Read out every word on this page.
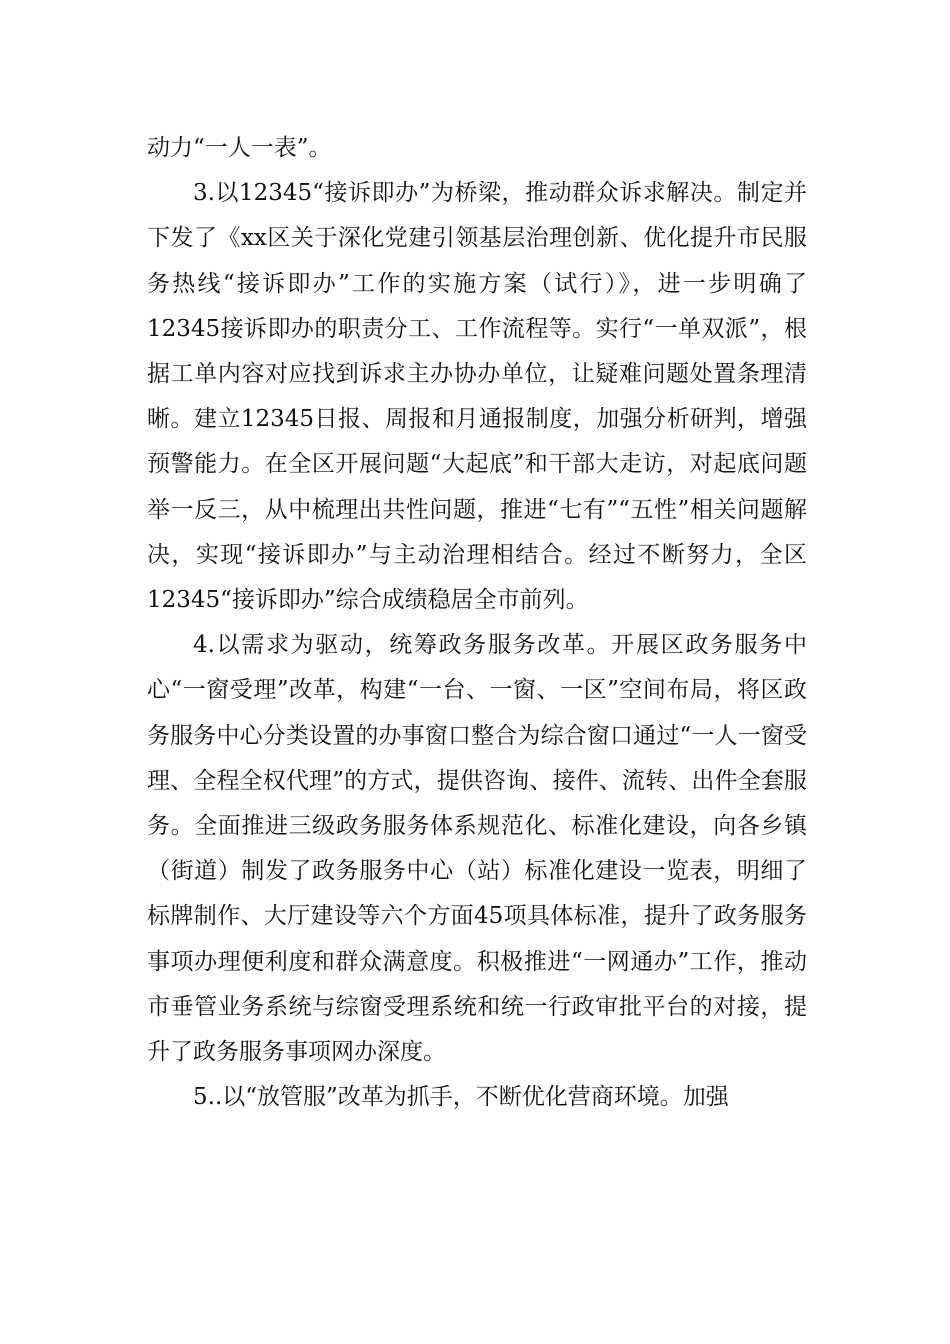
动力“一人一表”。

3.以12345“接诉即办”为桥梁，推动群众诉求解决。制定并下发了《xx区关于深化党建引领基层治理创新、优化提升市民服务热线“接诉即办”工作的实施方案（试行）》，进一步明确了12345接诉即办的职责分工、工作流程等。实行“一单双派”，根据工单内容对应找到诉求主办协办单位，让疑难问题处置条理清晰。建立12345日报、周报和月通报制度，加强分析研判，增强预警能力。在全区开展问题“大起底”和干部大走访，对起底问题举一反三，从中梳理出共性问题，推进“七有”“五性”相关问题解决，实现“接诉即办”与主动治理相结合。经过不断努力，全区12345“接诉即办”综合成绩稳居全市前列。

4.以需求为驱动，统筹政务服务改革。开展区政务服务中心“一窗受理”改革，构建“一台、一窗、一区”空间布局，将区政务服务中心分类设置的办事窗口整合为综合窗口通过“一人一窗受理、全程全权代理”的方式，提供咨询、接件、流转、出件全套服务。全面推进三级政务服务体系规范化、标准化建设，向各乡镇（街道）制发了政务服务中心（站）标准化建设一览表，明细了标牌制作、大厅建设等六个方面45项具体标准，提升了政务服务事项办理便利度和群众满意度。积极推进“一网通办”工作，推动市垂管业务系统与综窗受理系统和统一行政审批平台的对接，提升了政务服务事项网办深度。

5..以“放管服”改革为抓手，不断优化营商环境。加强
